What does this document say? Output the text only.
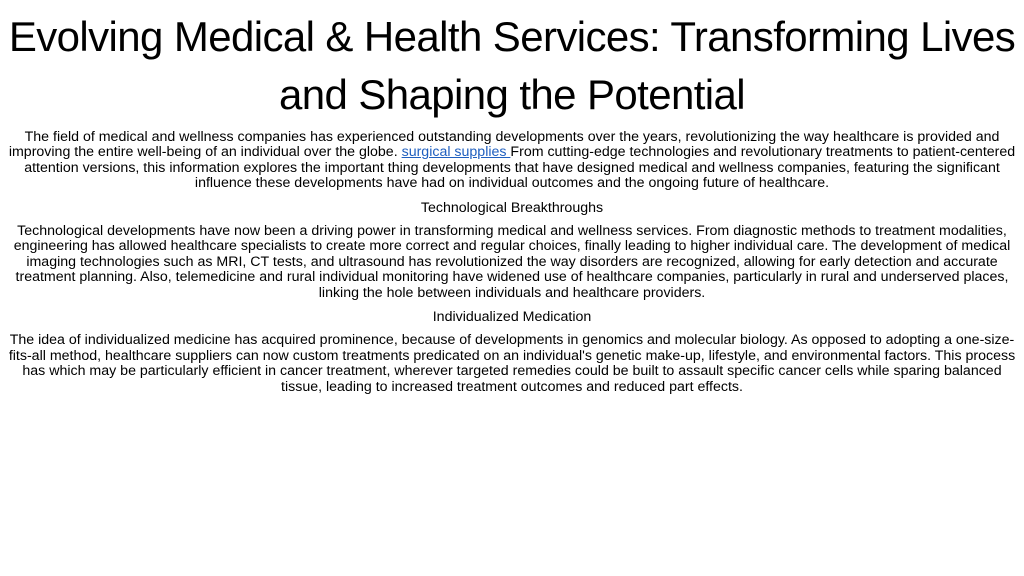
Evolving Medical & Health Services: Transforming Lives and Shaping the Potential

The field of medical and wellness companies has experienced outstanding developments over the years, revolutionizing the way healthcare is provided and improving the entire well-being of an individual over the globe. surgical supplies From cutting-edge technologies and revolutionary treatments to patient-centered attention versions, this information explores the important thing developments that have designed medical and wellness companies, featuring the significant influence these developments have had on individual outcomes and the ongoing future of healthcare.

Technological Breakthroughs

Technological developments have now been a driving power in transforming medical and wellness services. From diagnostic methods to treatment modalities, engineering has allowed healthcare specialists to create more correct and regular choices, finally leading to higher individual care. The development of medical imaging technologies such as MRI, CT tests, and ultrasound has revolutionized the way disorders are recognized, allowing for early detection and accurate treatment planning. Also, telemedicine and rural individual monitoring have widened use of healthcare companies, particularly in rural and underserved places, linking the hole between individuals and healthcare providers.

Individualized Medication

The idea of individualized medicine has acquired prominence, because of developments in genomics and molecular biology. As opposed to adopting a one-size-fits-all method, healthcare suppliers can now custom treatments predicated on an individual's genetic make-up, lifestyle, and environmental factors. This process has which may be particularly efficient in cancer treatment, wherever targeted remedies could be built to assault specific cancer cells while sparing balanced tissue, leading to increased treatment outcomes and reduced part effects.
